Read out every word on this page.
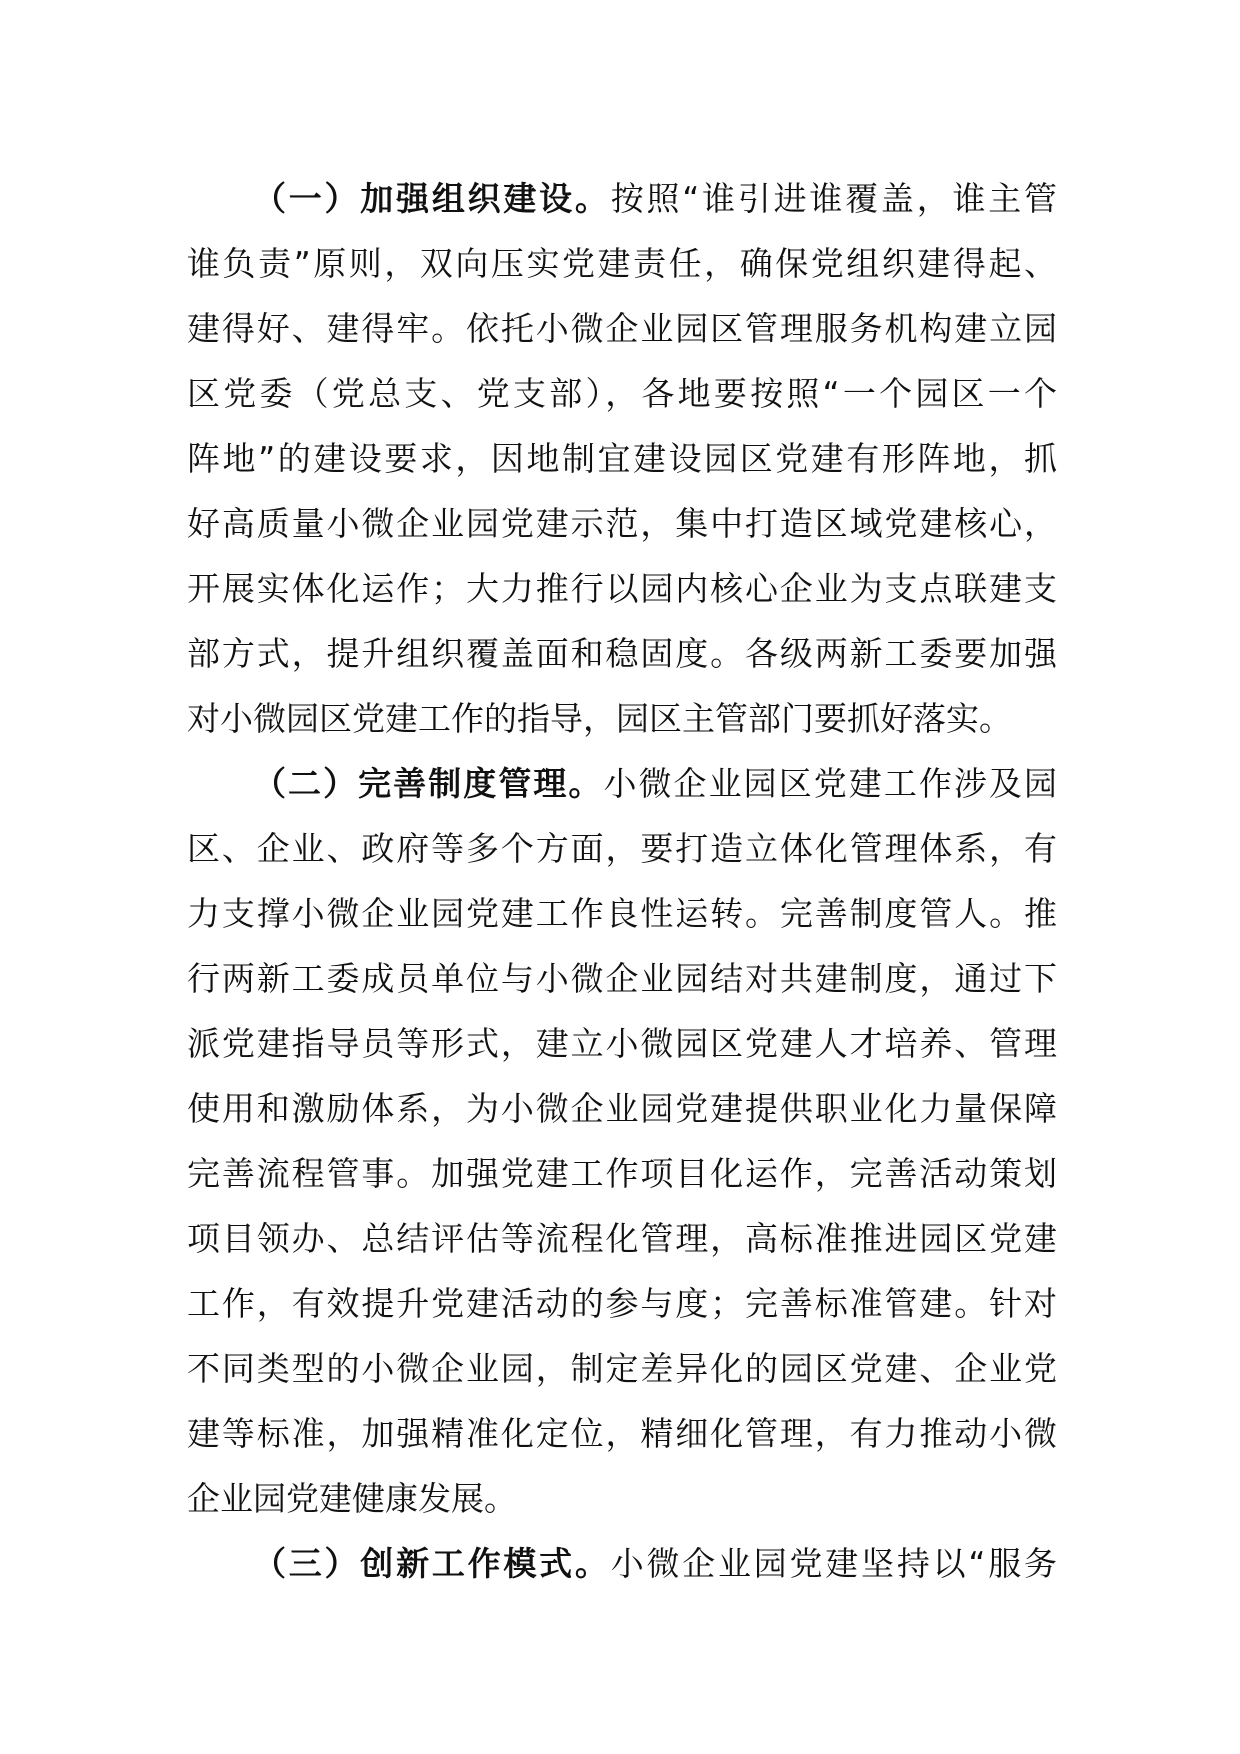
（一）加强组织建设。按照“谁引进谁覆盖，谁主管
谁负责”原则，双向压实党建责任，确保党组织建得起、
建得好、建得牢。依托小微企业园区管理服务机构建立园
区党委（党总支、党支部），各地要按照“一个园区一个
阵地”的建设要求，因地制宜建设园区党建有形阵地，抓
好高质量小微企业园党建示范，集中打造区域党建核心，
开展实体化运作；大力推行以园内核心企业为支点联建支
部方式，提升组织覆盖面和稳固度。各级两新工委要加强
对小微园区党建工作的指导，园区主管部门要抓好落实。
（二）完善制度管理。小微企业园区党建工作涉及园
区、企业、政府等多个方面，要打造立体化管理体系，有
力支撑小微企业园党建工作良性运转。完善制度管人。推
行两新工委成员单位与小微企业园结对共建制度，通过下
派党建指导员等形式，建立小微园区党建人才培养、管理
使用和激励体系，为小微企业园党建提供职业化力量保障
完善流程管事。加强党建工作项目化运作，完善活动策划
项目领办、总结评估等流程化管理，高标准推进园区党建
工作，有效提升党建活动的参与度；完善标准管建。针对
不同类型的小微企业园，制定差异化的园区党建、企业党
建等标准，加强精准化定位，精细化管理，有力推动小微
企业园党建健康发展。
（三）创新工作模式。小微企业园党建坚持以“服务
